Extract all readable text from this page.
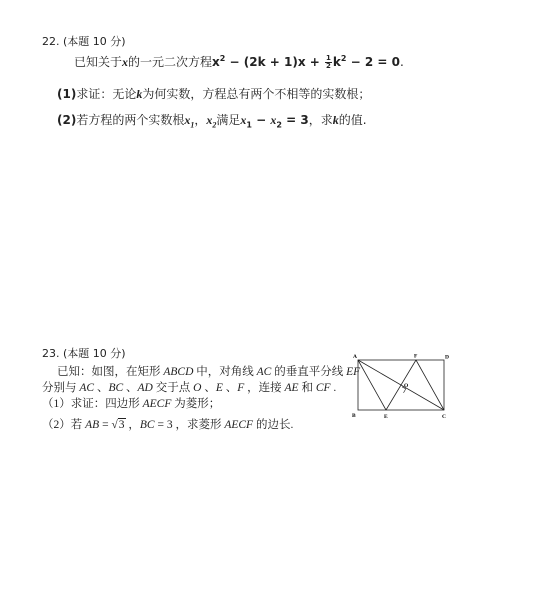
22. (本题 10 分)
已知关于x的一元二次方程$x^2 - (2k + 1)x + \frac{1}{2} k^2 - 2 = 0$.
(1)求证：无论k为何实数，方程总有两个不相等的实数根；
(2)若方程的两个实数根$x_1$，$x_2$满足$x_1 - x_2 = 3$，求k的值.
23. (本题 10 分)
已知：如图，在矩形 ABCD 中，对角线 AC 的垂直平分线 EF
分别与 AC 、BC 、AD 交于点 O 、E 、F ，连接 AE 和 CF .
（1）求证：四边形 AECF 为菱形；
（2）若 AB = √3 ，BC = 3 ，求菱形 AECF 的边长.
A	F	D
O
B	E	C
